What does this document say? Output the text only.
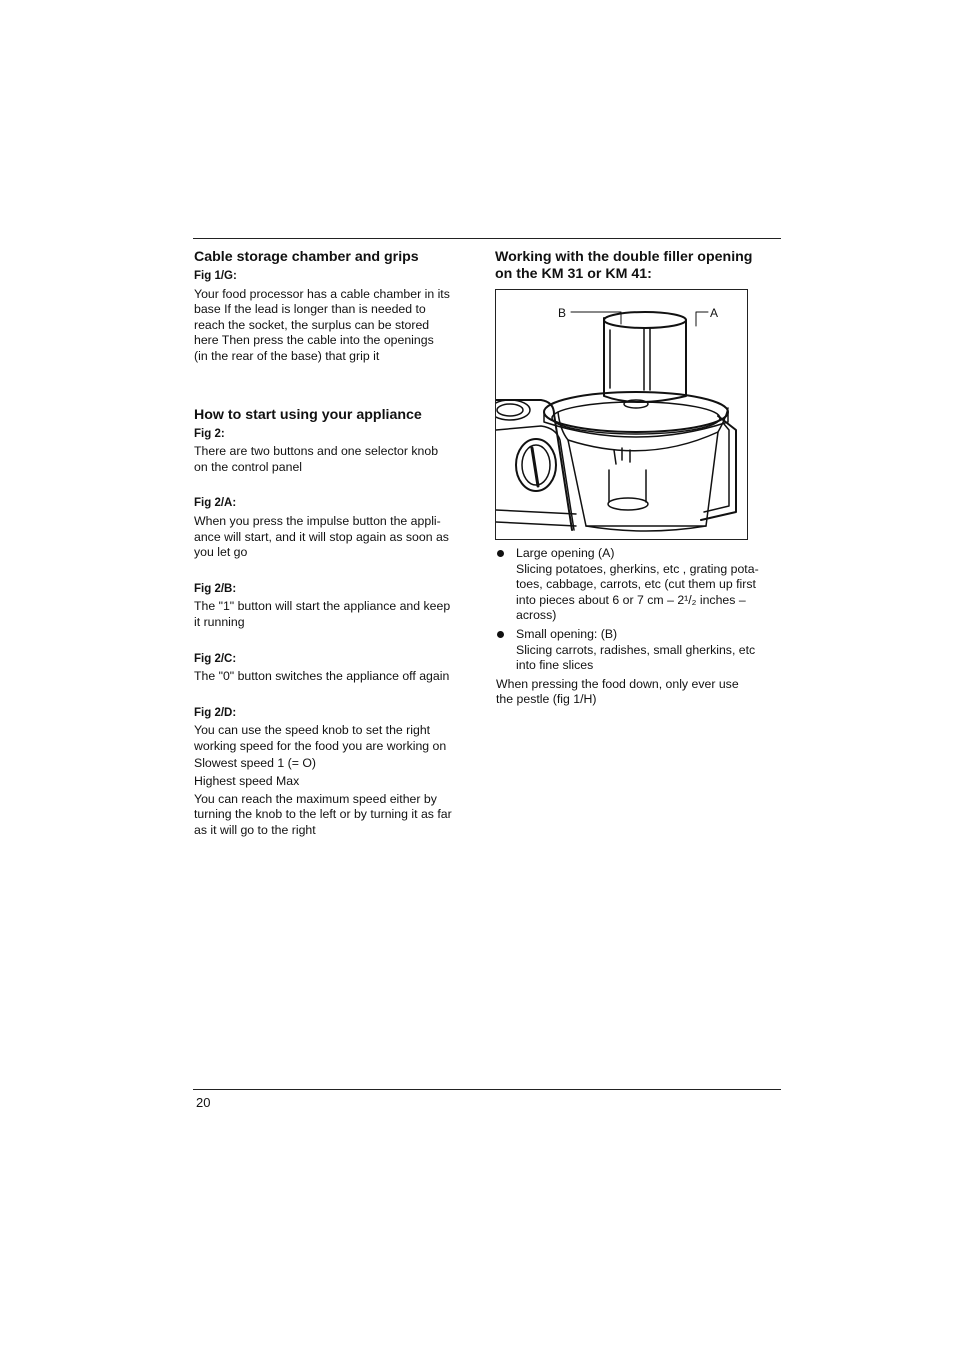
Cable storage chamber and grips
Fig 1/G:

Your food processor has a cable chamber in its

base If the lead is longer than is needed to

reach the socket, the surplus can be stored

here Then press the cable into the openings

(in the rear of the base) that grip it

How to start using your appliance
Fig 2:

There are two buttons and one selector knob

on the control panel

Fig 2/A:

When you press the impulse button the appli-

ance will start, and it will stop again as soon as

you let go

Fig 2/B:

The "1" button will start the appliance and keep

it running

Fig 2/C:

The "0" button switches the appliance off again

Fig 2/D:

You can use the speed knob to set the right

working speed for the food you are working on

Slowest speed 1 (= O)

Highest speed Max

You can reach the maximum speed either by

turning the knob to the left or by turning it as far

as it will go to the right

Working with the double filler opening
on the KM 31 or KM 41:
B	A

Large opening (A)

Slicing potatoes, gherkins, etc , grating pota-

toes, cabbage, carrots, etc (cut them up first

into pieces about 6 or 7 cm – 2¹/₂ inches –

across)

Small opening: (B)

Slicing carrots, radishes, small gherkins, etc

into fine slices

When pressing the food down, only ever use

the pestle (fig 1/H)

20
